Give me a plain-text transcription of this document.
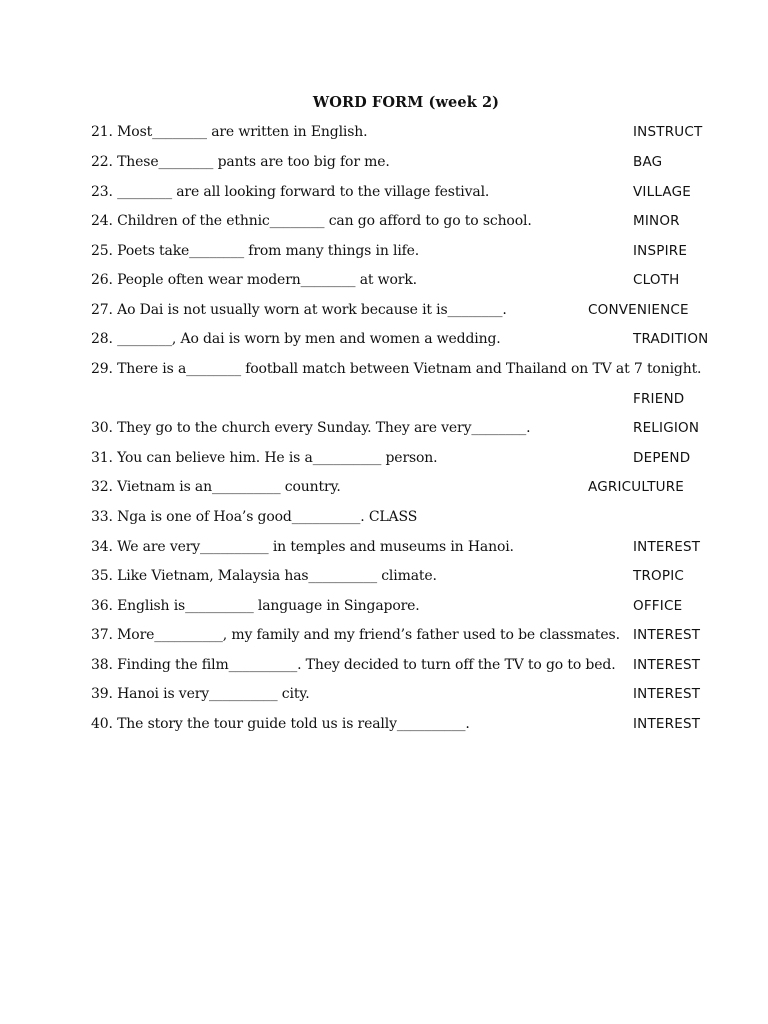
WORD FORM (week 2)
21. Most________ are written in English.	INSTRUCT
22. These________ pants are too big for me.	BAG
23. ________ are all looking forward to the village festival.	VILLAGE
24. Children of the ethnic________ can go afford to go to school.	MINOR
25. Poets take________ from many things in life.	INSPIRE
26. People often wear modern________ at work.	CLOTH
27. Ao Dai is not usually worn at work because it is________.	CONVENIENCE
28. ________, Ao dai is worn by men and women a wedding.	TRADITION
29. There is a________ football match between Vietnam and Thailand on TV at 7 tonight.
FRIEND
30. They go to the church every Sunday. They are very________.	RELIGION
31. You can believe him. He is a__________ person.	DEPEND
32. Vietnam is an__________ country.	AGRICULTURE
33. Nga is one of Hoa’s good__________. CLASS
34. We are very__________ in temples and museums in Hanoi.	INTEREST
35. Like Vietnam, Malaysia has__________ climate.	TROPIC
36. English is__________ language in Singapore.	OFFICE
37. More__________, my family and my friend’s father used to be classmates. INTEREST
38. Finding the film__________. They decided to turn off the TV to go to bed. INTEREST
39. Hanoi is very__________ city.	INTEREST
40. The story the tour guide told us is really__________.	INTEREST
